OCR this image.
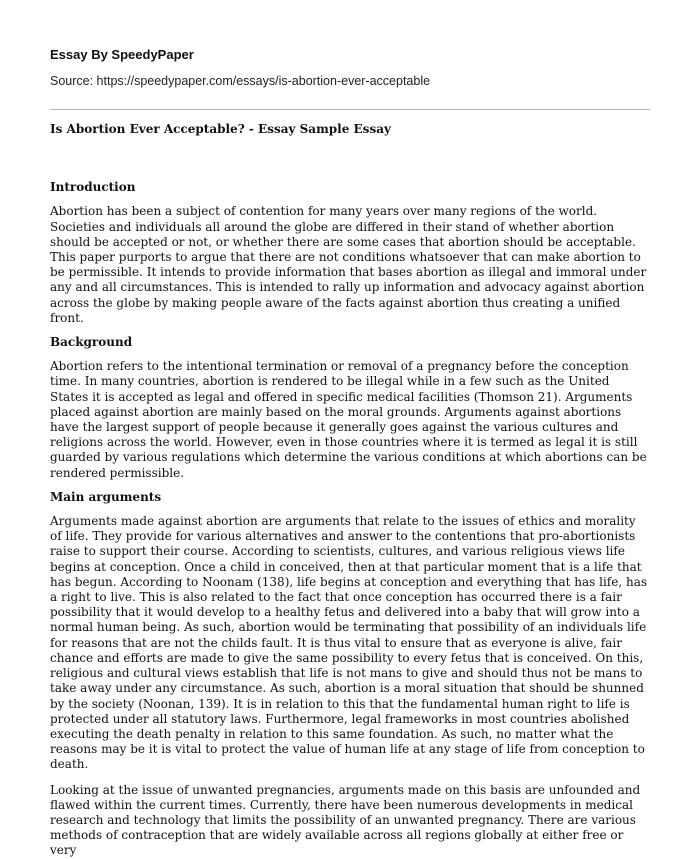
Essay By SpeedyPaper
Source: https://speedypaper.com/essays/is-abortion-ever-acceptable
Is Abortion Ever Acceptable? - Essay Sample Essay
Introduction

Abortion has been a subject of contention for many years over many regions of the world. Societies and individuals all around the globe are differed in their stand of whether abortion should be accepted or not, or whether there are some cases that abortion should be acceptable. This paper purports to argue that there are not conditions whatsoever that can make abortion to be permissible. It intends to provide information that bases abortion as illegal and immoral under any and all circumstances. This is intended to rally up information and advocacy against abortion across the globe by making people aware of the facts against abortion thus creating a unified front.

Background

Abortion refers to the intentional termination or removal of a pregnancy before the conception time. In many countries, abortion is rendered to be illegal while in a few such as the United States it is accepted as legal and offered in specific medical facilities (Thomson 21). Arguments placed against abortion are mainly based on the moral grounds. Arguments against abortions have the largest support of people because it generally goes against the various cultures and religions across the world. However, even in those countries where it is termed as legal it is still guarded by various regulations which determine the various conditions at which abortions can be rendered permissible.

Main arguments

Arguments made against abortion are arguments that relate to the issues of ethics and morality of life. They provide for various alternatives and answer to the contentions that pro-abortionists raise to support their course. According to scientists, cultures, and various religious views life begins at conception. Once a child in conceived, then at that particular moment that is a life that has begun. According to Noonam (138), life begins at conception and everything that has life, has a right to live. This is also related to the fact that once conception has occurred there is a fair possibility that it would develop to a healthy fetus and delivered into a baby that will grow into a normal human being. As such, abortion would be terminating that possibility of an individuals life for reasons that are not the childs fault. It is thus vital to ensure that as everyone is alive, fair chance and efforts are made to give the same possibility to every fetus that is conceived. On this, religious and cultural views establish that life is not mans to give and should thus not be mans to take away under any circumstance. As such, abortion is a moral situation that should be shunned by the society (Noonan, 139). It is in relation to this that the fundamental human right to life is protected under all statutory laws. Furthermore, legal frameworks in most countries abolished executing the death penalty in relation to this same foundation. As such, no matter what the reasons may be it is vital to protect the value of human life at any stage of life from conception to death.

Looking at the issue of unwanted pregnancies, arguments made on this basis are unfounded and flawed within the current times. Currently, there have been numerous developments in medical research and technology that limits the possibility of an unwanted pregnancy. There are various methods of contraception that are widely available across all regions globally at either free or very
